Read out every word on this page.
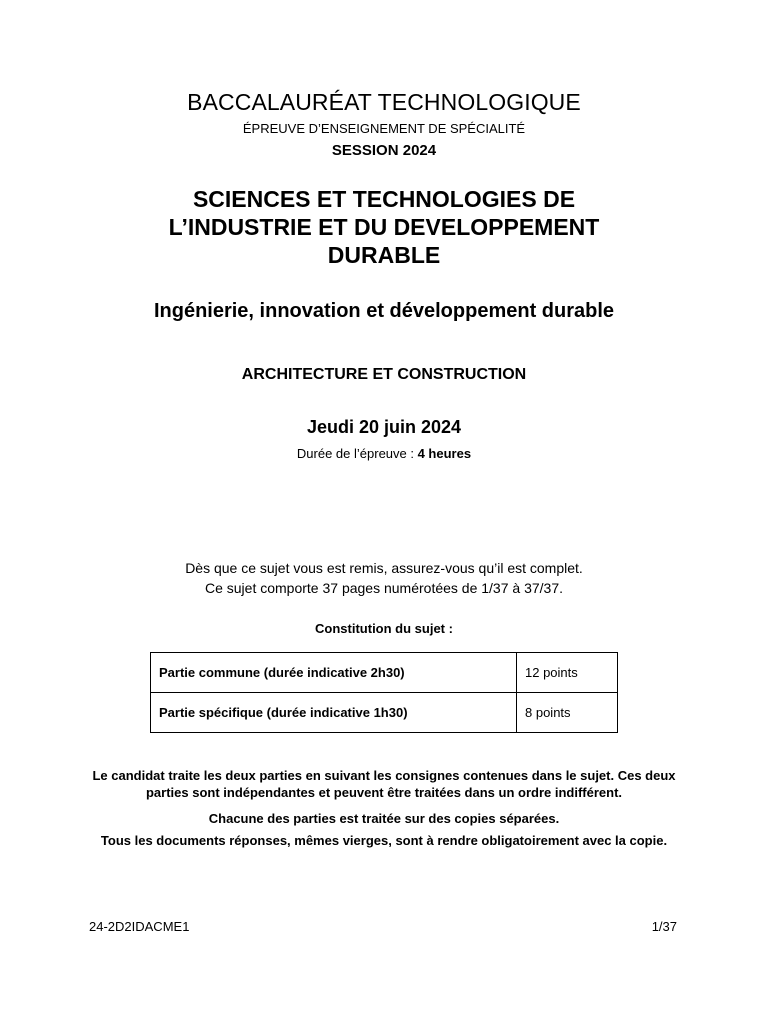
BACCALAURÉAT TECHNOLOGIQUE
ÉPREUVE D’ENSEIGNEMENT DE SPÉCIALITÉ
SESSION 2024
SCIENCES ET TECHNOLOGIES DE
L’INDUSTRIE ET DU DEVELOPPEMENT
DURABLE
Ingénierie, innovation et développement durable
ARCHITECTURE ET CONSTRUCTION
Jeudi 20 juin 2024
Durée de l’épreuve : 4 heures
Dès que ce sujet vous est remis, assurez-vous qu’il est complet.
Ce sujet comporte 37 pages numérotées de 1/37 à 37/37.
Constitution du sujet :
Partie commune (durée indicative 2h30)	12 points
Partie spécifique (durée indicative 1h30)	8 points

Le candidat traite les deux parties en suivant les consignes contenues dans le sujet. Ces deux parties sont indépendantes et peuvent être traitées dans un ordre indifférent.

Chacune des parties est traitée sur des copies séparées.

Tous les documents réponses, mêmes vierges, sont à rendre obligatoirement avec la copie.

24-2D2IDACME1	1/37
